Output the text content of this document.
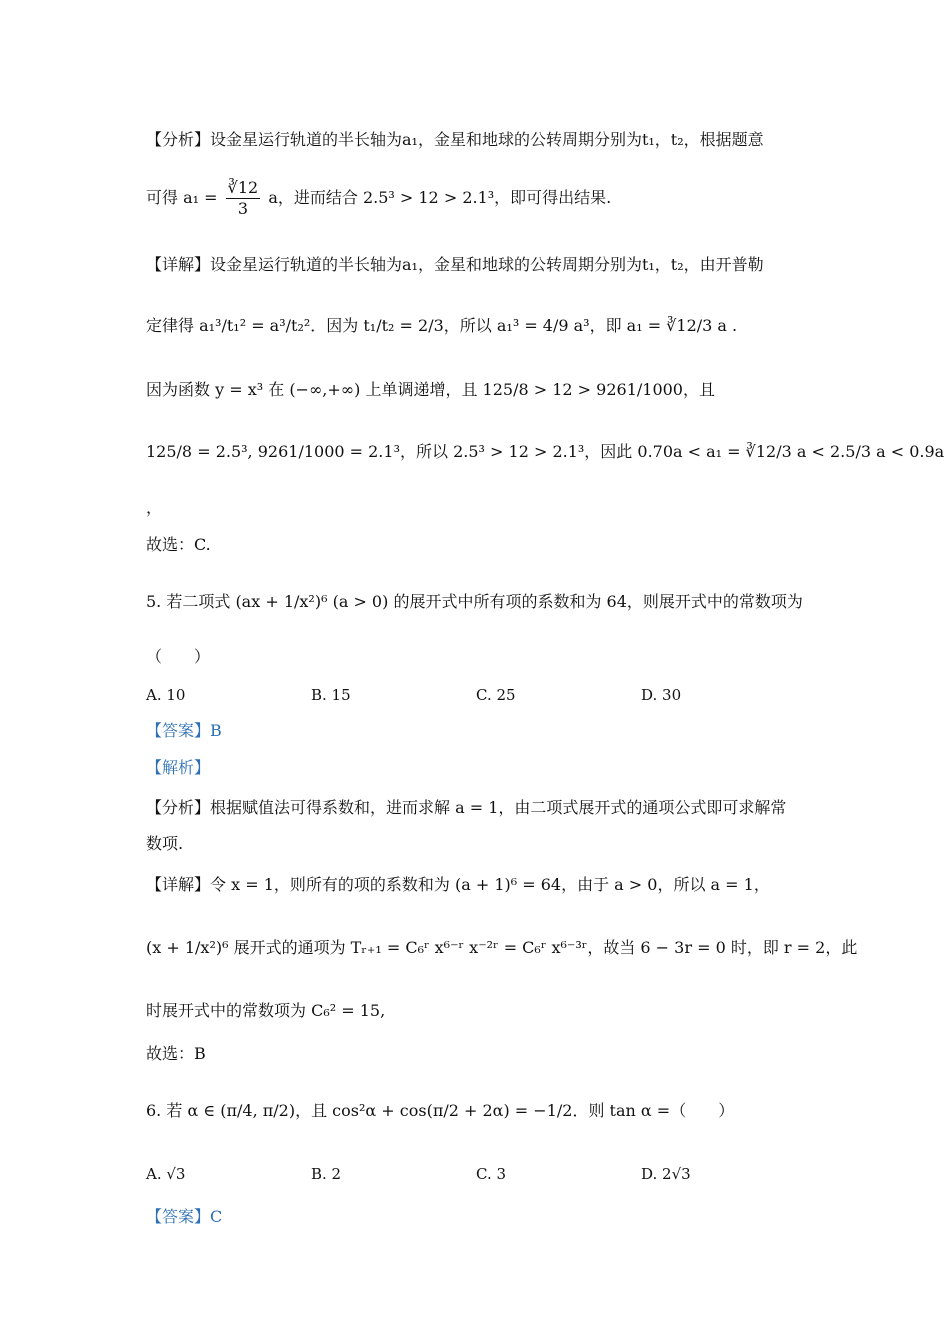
【分析】设金星运行轨道的半长轴为a₁，金星和地球的公转周期分别为t₁，t₂，根据题意
可得 $a_1 = \frac{∛12}{3}$ a，进而结合 2.5³ > 12 > 2.1³，即可得出结果.
【详解】设金星运行轨道的半长轴为a₁，金星和地球的公转周期分别为t₁，t₂，由开普勒
定律得 a₁³/t₁² = a³/t₂²．因为 t₁/t₂ = 2/3，所以 a₁³ = 4/9 a³，即 a₁ = ∛12/3 a .
因为函数 y = x³ 在 (−∞,+∞) 上单调递增，且 125/8 > 12 > 9261/1000，且
125/8 = 2.5³, 9261/1000 = 2.1³，所以 2.5³ > 12 > 2.1³，因此 0.70a < a₁ = ∛12/3 a < 2.5/3 a < 0.9a
，
故选：C.
5. 若二项式 (ax + 1/x²)⁶ (a > 0) 的展开式中所有项的系数和为 64，则展开式中的常数项为
（　　）
A. 10	B. 15	C. 25	D. 30
【答案】B
【解析】
【分析】根据赋值法可得系数和，进而求解 a = 1，由二项式展开式的通项公式即可求解常
数项.
【详解】令 x = 1，则所有的项的系数和为 (a + 1)⁶ = 64，由于 a > 0，所以 a = 1，
(x + 1/x²)⁶ 展开式的通项为 Tᵣ₊₁ = C₆ʳ x⁶⁻ʳ x⁻²ʳ = C₆ʳ x⁶⁻³ʳ，故当 6 − 3r = 0 时，即 r = 2，此
时展开式中的常数项为 C₆² = 15,
故选：B
6. 若 α ∈ (π/4, π/2)，且 cos²α + cos(π/2 + 2α) = −1/2．则 tan α =（　　）
A. √3	B. 2	C. 3	D. 2√3
【答案】C
